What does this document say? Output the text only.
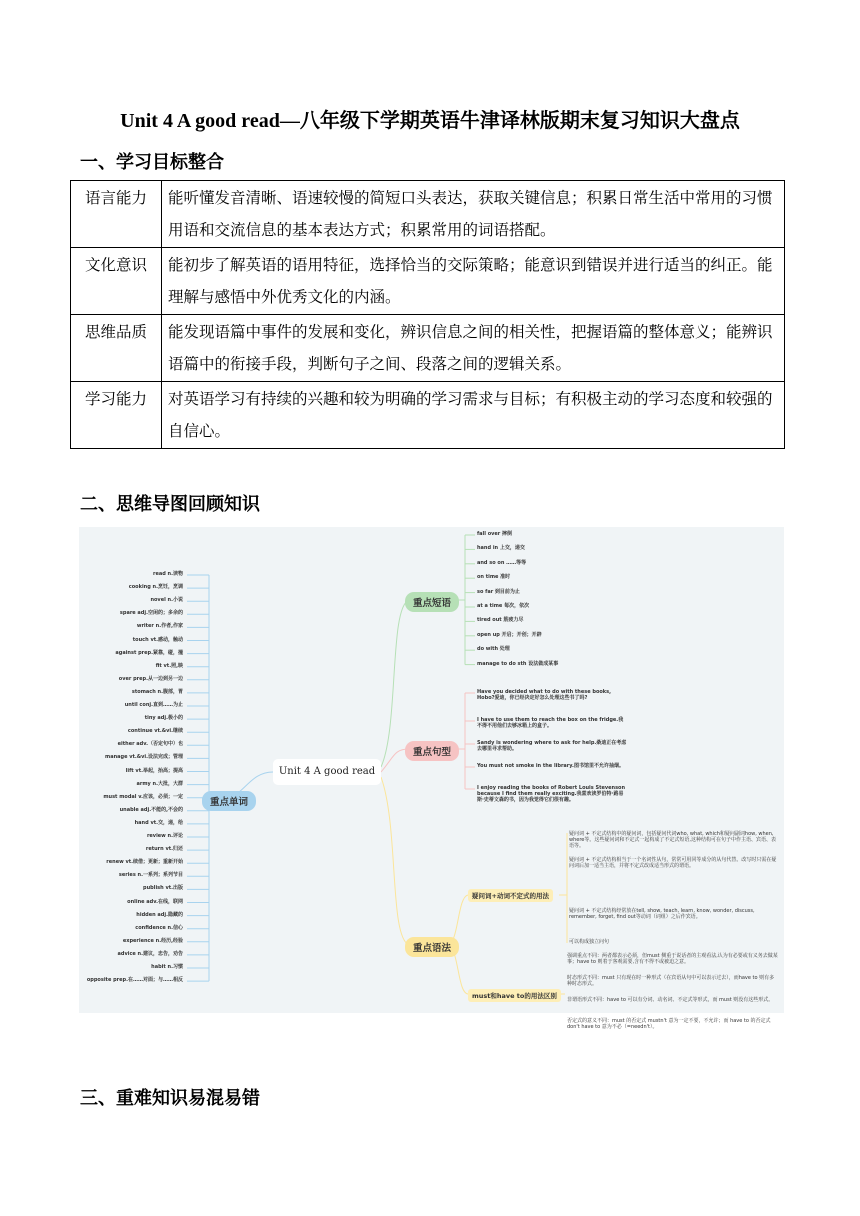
Unit 4 A good read—八年级下学期英语牛津译林版期末复习知识大盘点
一、学习目标整合
语言能力	能听懂发音清晰、语速较慢的简短口头表达，获取关键信息；积累日常生活中常用的习惯用语和交流信息的基本表达方式；积累常用的词语搭配。
文化意识	能初步了解英语的语用特征，选择恰当的交际策略；能意识到错误并进行适当的纠正。能理解与感悟中外优秀文化的内涵。
思维品质	能发现语篇中事件的发展和变化，辨识信息之间的相关性，把握语篇的整体意义；能辨识语篇中的衔接手段，判断句子之间、段落之间的逻辑关系。
学习能力	对英语学习有持续的兴趣和较为明确的学习需求与目标；有积极主动的学习态度和较强的自信心。
二、思维导图回顾知识
Unit 4 A good read
重点单词
重点短语
重点句型
重点语法
疑问词+动词不定式的用法
must和have to的用法区别
read n.读物
cooking n.烹饪，烹调
novel n.小说
spare adj.空闲的；多余的
writer n.作者,作家
touch vt.感动，触动
against prep.紧靠，碰，撞
fit vt.照,映
over prep.从一边到另一边
stomach n.腹部，胃
until conj.直到……为止
tiny adj.极小的
continue vt.&vi.继续
either adv.（否定句中）也
manage vt.&vi.设法完成；管理
lift vt.举起，抬高；提高
army n.大批，大群
must modal v.应该，必须；一定
unable adj.不能的,不会的
hand vt.交，递，给
review n.评论
return vt.归还
renew vt.续借；更新；重新开始
series n.一系列；系列节目
publish vt.出版
online adv.在线，联网
hidden adj.隐藏的
confidence n.信心
experience n.经历,经验
advice n.建议，忠告，劝告
habit n.习惯
opposite prep.在……对面；与……相反
fall over 摔倒
hand in 上交，递交
and so on ……等等
on time 准时
so far 到目前为止
at a time 每次，依次
tired out 筋疲力尽
open up 开启；开创；开辟
do with 处理
manage to do sth 设法做成某事
Have you decided what to do with these books, Hobo?爱迪，你已经决定好怎么处理这些书了吗?
I have to use them to reach the box on the fridge.我不得不用他们去够冰箱上的盒子。
Sandy is wondering where to ask for help.桑迪正在考虑去哪里寻求帮助。
You must not smoke in the library.图书馆里不允许抽烟。
I enjoy reading the books of Robert Louis Stevenson because I find them really exciting.我喜欢读罗伯特·路易斯·史蒂文森的书，因为我觉得它们很有趣。
疑问词 + 不定式结构中的疑问词，包括疑问代词who, what, which和疑问副词how, when, where等。这些疑问词和不定式一起构成了不定式短语,这种结构可在句子中作主语、宾语、表语等。
疑问词 + 不定式结构相当于一个名词性从句，常常可用同等成分的从句代替。改写时只需在疑问词后加一适当主语，并将不定式改成适当形式的谓语。
疑问词 + 不定式结构经常放在tell, show, teach, learn, know, wonder, discuss, remember, forget, find out等动词（词组）之后作宾语。
可以构成独立问句
强调重点不同：两者都表示必须，但must 侧重于说话者的主观看法,认为有必要或有义务去做某事；have to 则着于客观需要,含有不得不或被迫之意。
时态形式不同：must 只有现在时一种形式（在宾语从句中可以表示过去），而have to 则有多种时态形式。
非谓语形式不同：have to 可以有分词、动名词、不定式等形式，而 must 则没有这些形式。
否定式的意义不同：must 的否定式 mustn't 意为一定不要，不允许；而 have to 的否定式 don't have to 意为不必（=needn't）。
三、重难知识易混易错
